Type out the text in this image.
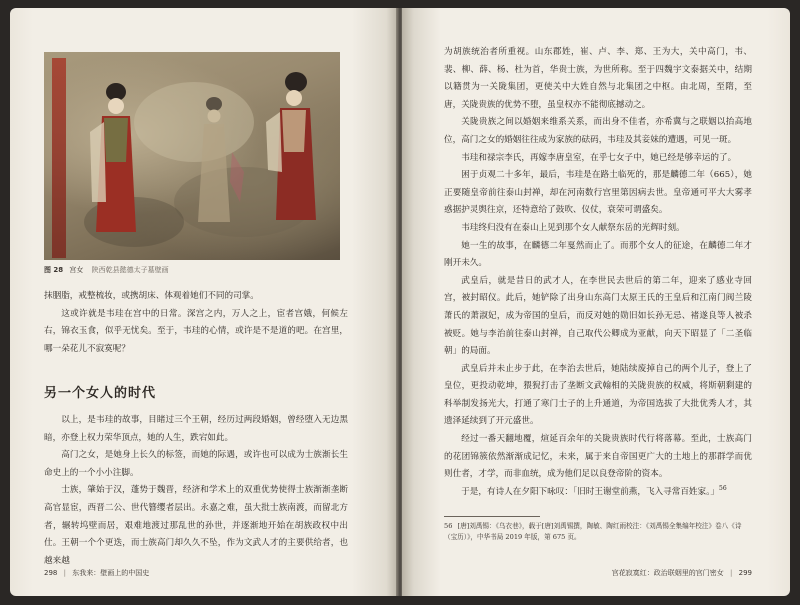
图 28 宫女 陕西乾县懿德太子墓壁画

抹胭脂，戒整梳妆，或携胡床、体观着她们不同的司掌。

这或许就是韦珪在宫中的日常。深宫之内，万人之上，宦者宫娥，何候左右，锦衣玉食，似乎无忧矣。至于，韦珪的心情，或许是不是道的吧。在宫里，哪一朵花儿不寂寞呢？

另一个女人的时代

以上，是韦珪的故事，目睹过三个王朝，经历过两段婚姻，曾经堕入无边黑暗，亦登上权力荣华顶点，她的人生，跌宕如此。

高门之女，是她身上长久的标签，而她的际遇，或许也可以成为士族渐长生命史上的一个小小注脚。

士族，肇始于汉，蓬势于魏晋，经济和学术上的双重优势使得士族渐渐垄断高官显宦，西晋二公、世代簪缨者层出。永嘉之难，虽大批士族南渡，而留北方者，辗转坞壁而居，艰难地渡过那乱世的孙世，并逐渐地开始在胡族政权中出仕。王朝一个个更迭，而士族高门却久久不坠，作为文武人才的主要供给者，也越来越

298 | 东我来：壁画上的中国史

为胡族统治者所重视。山东郡姓，崔、卢、李、郑、王为大，关中高门，韦、裴、柳、薛、杨、杜为首，华贵士族，为世所称。至于四魏宇文泰据关中，结期以籍贯为一关陇集团，更使关中大姓自然与北集团之中枢。由北周，至隋，至唐，关陇贵族的优势不堕，虽皇权亦不能彻底撼动之。

关陇贵族之间以婚姻来维系关系，而出身不佳者，亦希冀与之联姻以抬高地位，高门之女的婚姻往往成为家族的砝码，韦珪及其妾妹的遭遇，可见一斑。

韦珪和禄宗李氏，再嫁李唐皇室，在乎七女子中，她已经是够幸运的了。

困于贞观二十多年，最后，韦珪是在路土临死的，那是麟德二年（665），她正要随皇帝前往泰山封禅，却在河南数行宫里第因病去世。皇帝通可平大大雾孝惑据护灵舆往京，还特意给了鼓吹、仪仗，衰荣可谓盛矣。

韦珪终归没有在泰山上见到那个女人献祭东岳的光辉时刻。

她一生的故事，在麟德二年戛然而止了。而那个女人的征途，在麟德二年才刚开未久。

武皇后，就是昔日的武才人，在李世民去世后的第二年，迎来了感业寺回宫，被封昭仪。此后，她铲除了出身山东高门太原王氏的王皇后和江南门阀兰陵萧氏的萧淑妃，成为帝国的皇后，而反对她的勋旧如长孙无忌、褚遂良等人被杀被贬。她与李治前往泰山封禅，自己取代公卿成为亚献，向天下昭显了「二圣临朝」的局面。

武皇后并未止步于此，在李治去世后，她陆续废掉自己的两个儿子，登上了皇位，更投动乾坤，猥猊打击了垄断文武翰相的关陇贵族的权威，将斯朝剩建的科举制发扬光大，打通了寒门士子的上升通道，为帝国选拔了大批优秀人才，其遗泽延续到了开元盛世。

经过一番天翻地覆，煊延百余年的关陇贵族时代行将落幕。至此，士族高门的花团锦簇依然渐渐成记忆，未来，属于来自帝国更广大的土地上的那群学而优则仕者，才学，而非血统，成为他们足以良登帝阶的资本。

于是，有诗人在夕阳下咏叹：「旧时王谢堂前燕，飞入寻常百姓家。」$^{56}$

56 [唐]刘禹锡：《乌衣巷》，载于[唐]刘禹锡撰，陶敏、陶红雨校注：《刘禹锡全集编年校注》卷八《诗（宝历）》，中华书局 2019 年版，第 675 页。
宫花寂寞红：政治联姻里的宫门密女 | 299
